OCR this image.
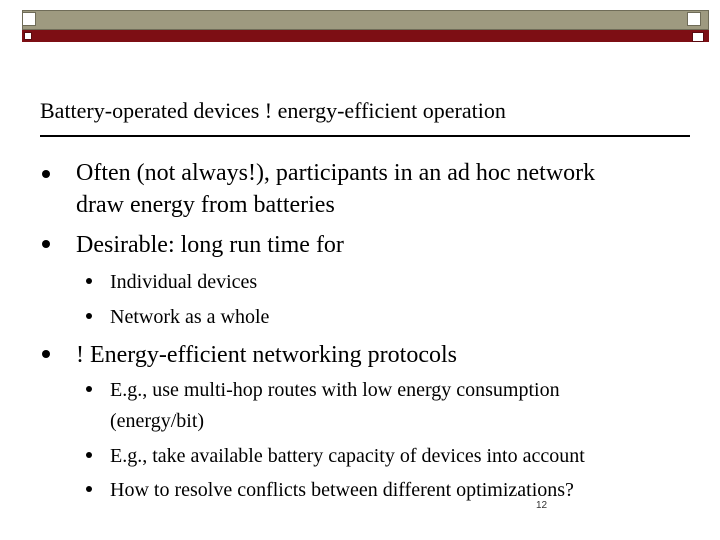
Battery-operated devices ! energy-efficient operation
Often (not always!), participants in an ad hoc network
draw energy from batteries
Desirable: long run time for
Individual devices
Network as a whole
! Energy-efficient networking protocols
E.g., use multi-hop routes with low energy consumption
(energy/bit)
E.g., take available battery capacity of devices into account
How to resolve conflicts between different optimizations?
12
